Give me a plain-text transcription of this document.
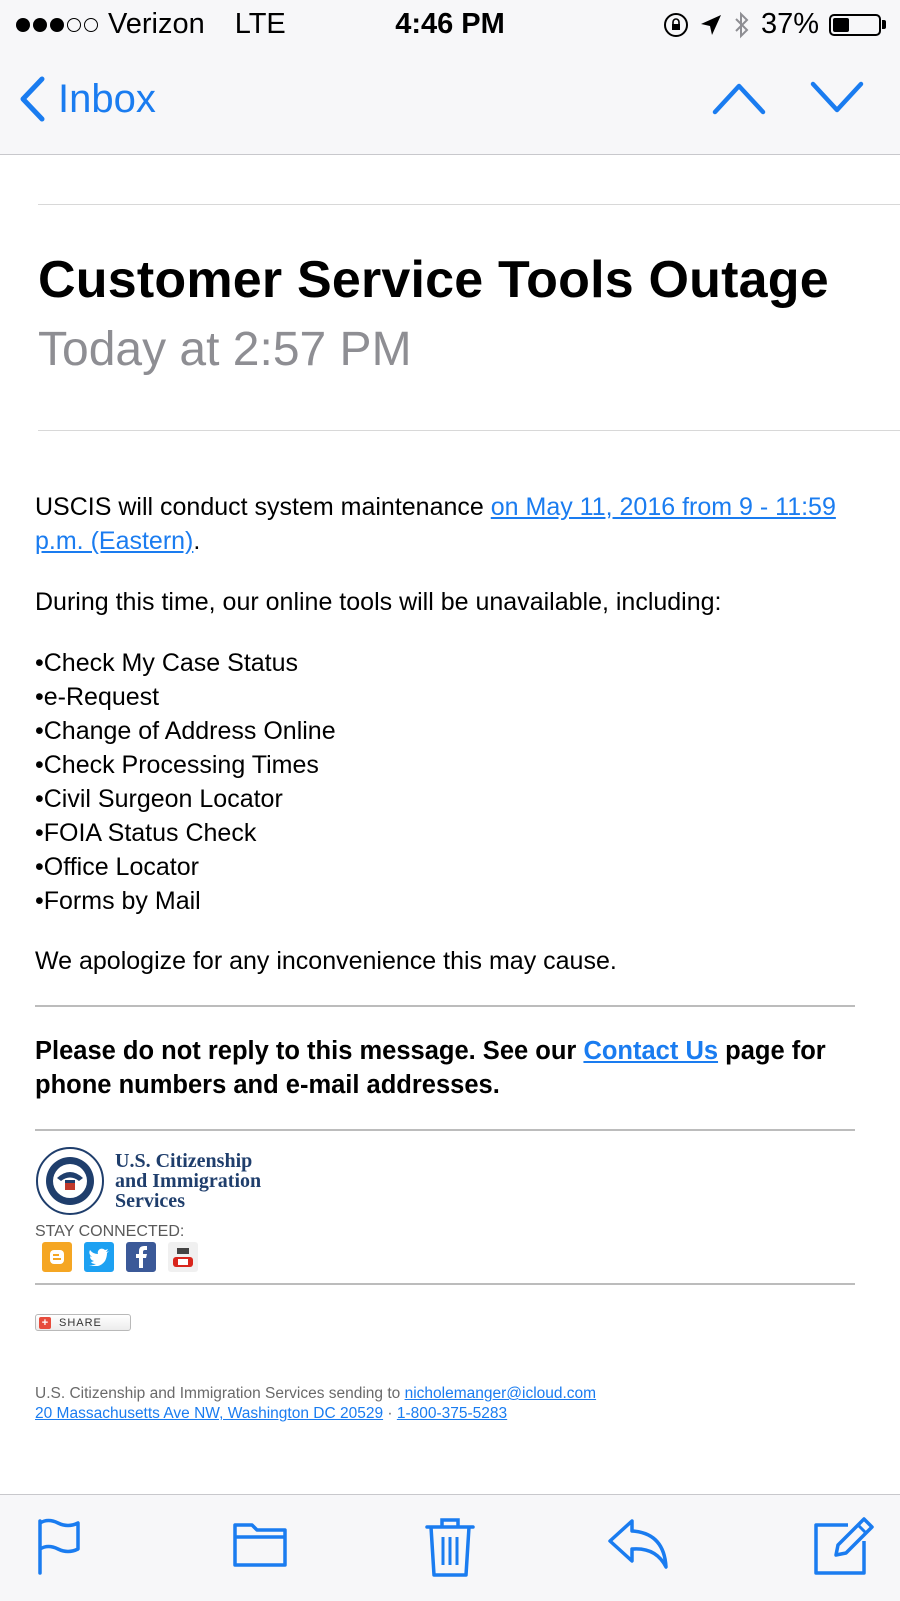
Verizon LTE	4:46 PM	37%
Inbox
Customer Service Tools Outage
Today at 2:57 PM
USCIS will conduct system maintenance on May 11, 2016 from 9 - 11:59 p.m. (Eastern).
During this time, our online tools will be unavailable, including:
•Check My Case Status
•e-Request
•Change of Address Online
•Check Processing Times
•Civil Surgeon Locator
•FOIA Status Check
•Office Locator
•Forms by Mail
We apologize for any inconvenience this may cause.
Please do not reply to this message. See our Contact Us page for phone numbers and e-mail addresses.
U.S. Citizenship
and Immigration
Services
STAY CONNECTED:
+ SHARE
U.S. Citizenship and Immigration Services sending to nicholemanger@icloud.com
20 Massachusetts Ave NW, Washington DC 20529 · 1-800-375-5283
